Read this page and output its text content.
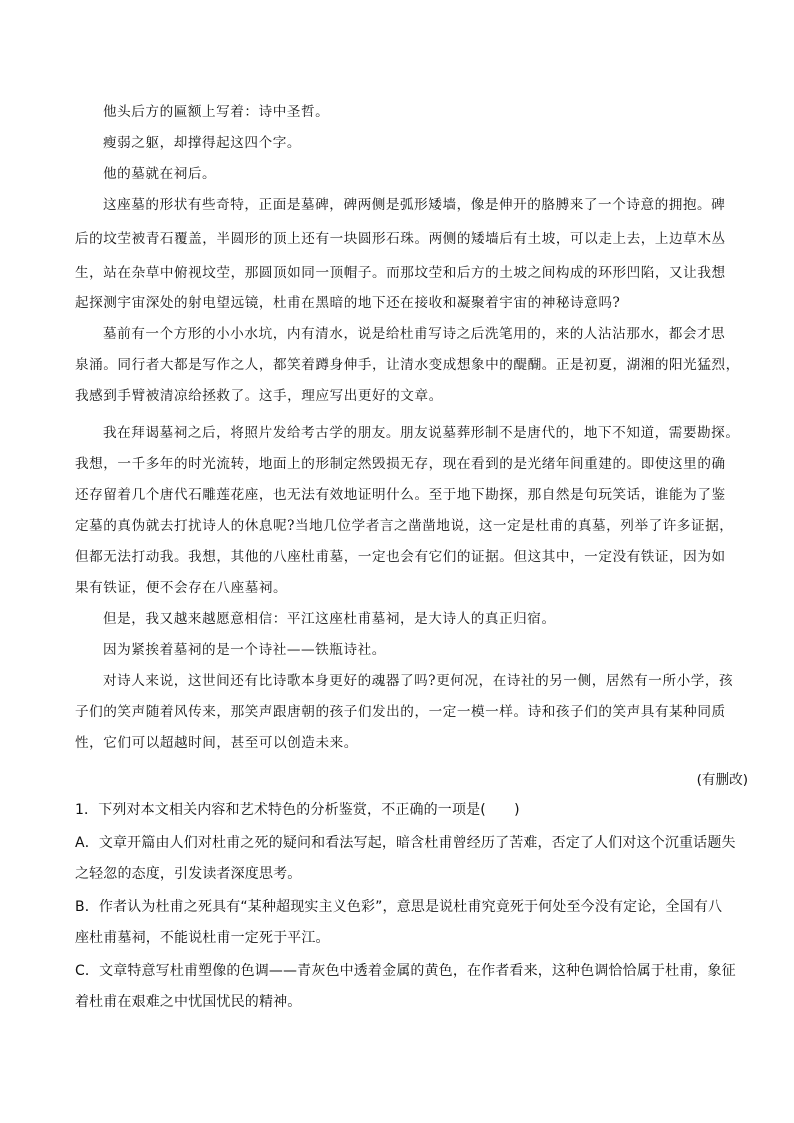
他头后方的匾额上写着：诗中圣哲。
瘦弱之躯，却撑得起这四个字。
他的墓就在祠后。
这座墓的形状有些奇特，正面是墓碑，碑两侧是弧形矮墙，像是伸开的胳膊来了一个诗意的拥抱。碑
后的坟茔被青石覆盖，半圆形的顶上还有一块圆形石珠。两侧的矮墙后有土坡，可以走上去，上边草木丛
生，站在杂草中俯视坟茔，那圆顶如同一顶帽子。而那坟茔和后方的土坡之间构成的环形凹陷，又让我想
起探测宇宙深处的射电望远镜，杜甫在黑暗的地下还在接收和凝聚着宇宙的神秘诗意吗?
墓前有一个方形的小小水坑，内有清水，说是给杜甫写诗之后洗笔用的，来的人沾沾那水，都会才思
泉涌。同行者大都是写作之人，都笑着蹲身伸手，让清水变成想象中的醍醐。正是初夏，湖湘的阳光猛烈，
我感到手臂被清凉给拯救了。这手，理应写出更好的文章。
我在拜谒墓祠之后，将照片发给考古学的朋友。朋友说墓葬形制不是唐代的，地下不知道，需要勘探。
我想，一千多年的时光流转，地面上的形制定然毁损无存，现在看到的是光绪年间重建的。即使这里的确
还存留着几个唐代石雕莲花座，也无法有效地证明什么。至于地下勘探，那自然是句玩笑话，谁能为了鉴
定墓的真伪就去打扰诗人的休息呢?当地几位学者言之凿凿地说，这一定是杜甫的真墓，列举了许多证据，
但都无法打动我。我想，其他的八座杜甫墓，一定也会有它们的证据。但这其中，一定没有铁证，因为如
果有铁证，便不会存在八座墓祠。
但是，我又越来越愿意相信：平江这座杜甫墓祠，是大诗人的真正归宿。
因为紧挨着墓祠的是一个诗社——铁瓶诗社。
对诗人来说，这世间还有比诗歌本身更好的魂器了吗?更何况，在诗社的另一侧，居然有一所小学，孩
子们的笑声随着风传来，那笑声跟唐朝的孩子们发出的，一定一模一样。诗和孩子们的笑声具有某种同质
性，它们可以超越时间，甚至可以创造未来。
(有删改)
1．下列对本文相关内容和艺术特色的分析鉴赏，不正确的一项是(　　)
A．文章开篇由人们对杜甫之死的疑问和看法写起，暗含杜甫曾经历了苦难，否定了人们对这个沉重话题失
之轻忽的态度，引发读者深度思考。
B．作者认为杜甫之死具有“某种超现实主义色彩”，意思是说杜甫究竟死于何处至今没有定论，全国有八
座杜甫墓祠，不能说杜甫一定死于平江。
C．文章特意写杜甫塑像的色调——青灰色中透着金属的黄色，在作者看来，这种色调恰恰属于杜甫，象征
着杜甫在艰难之中忧国忧民的精神。
